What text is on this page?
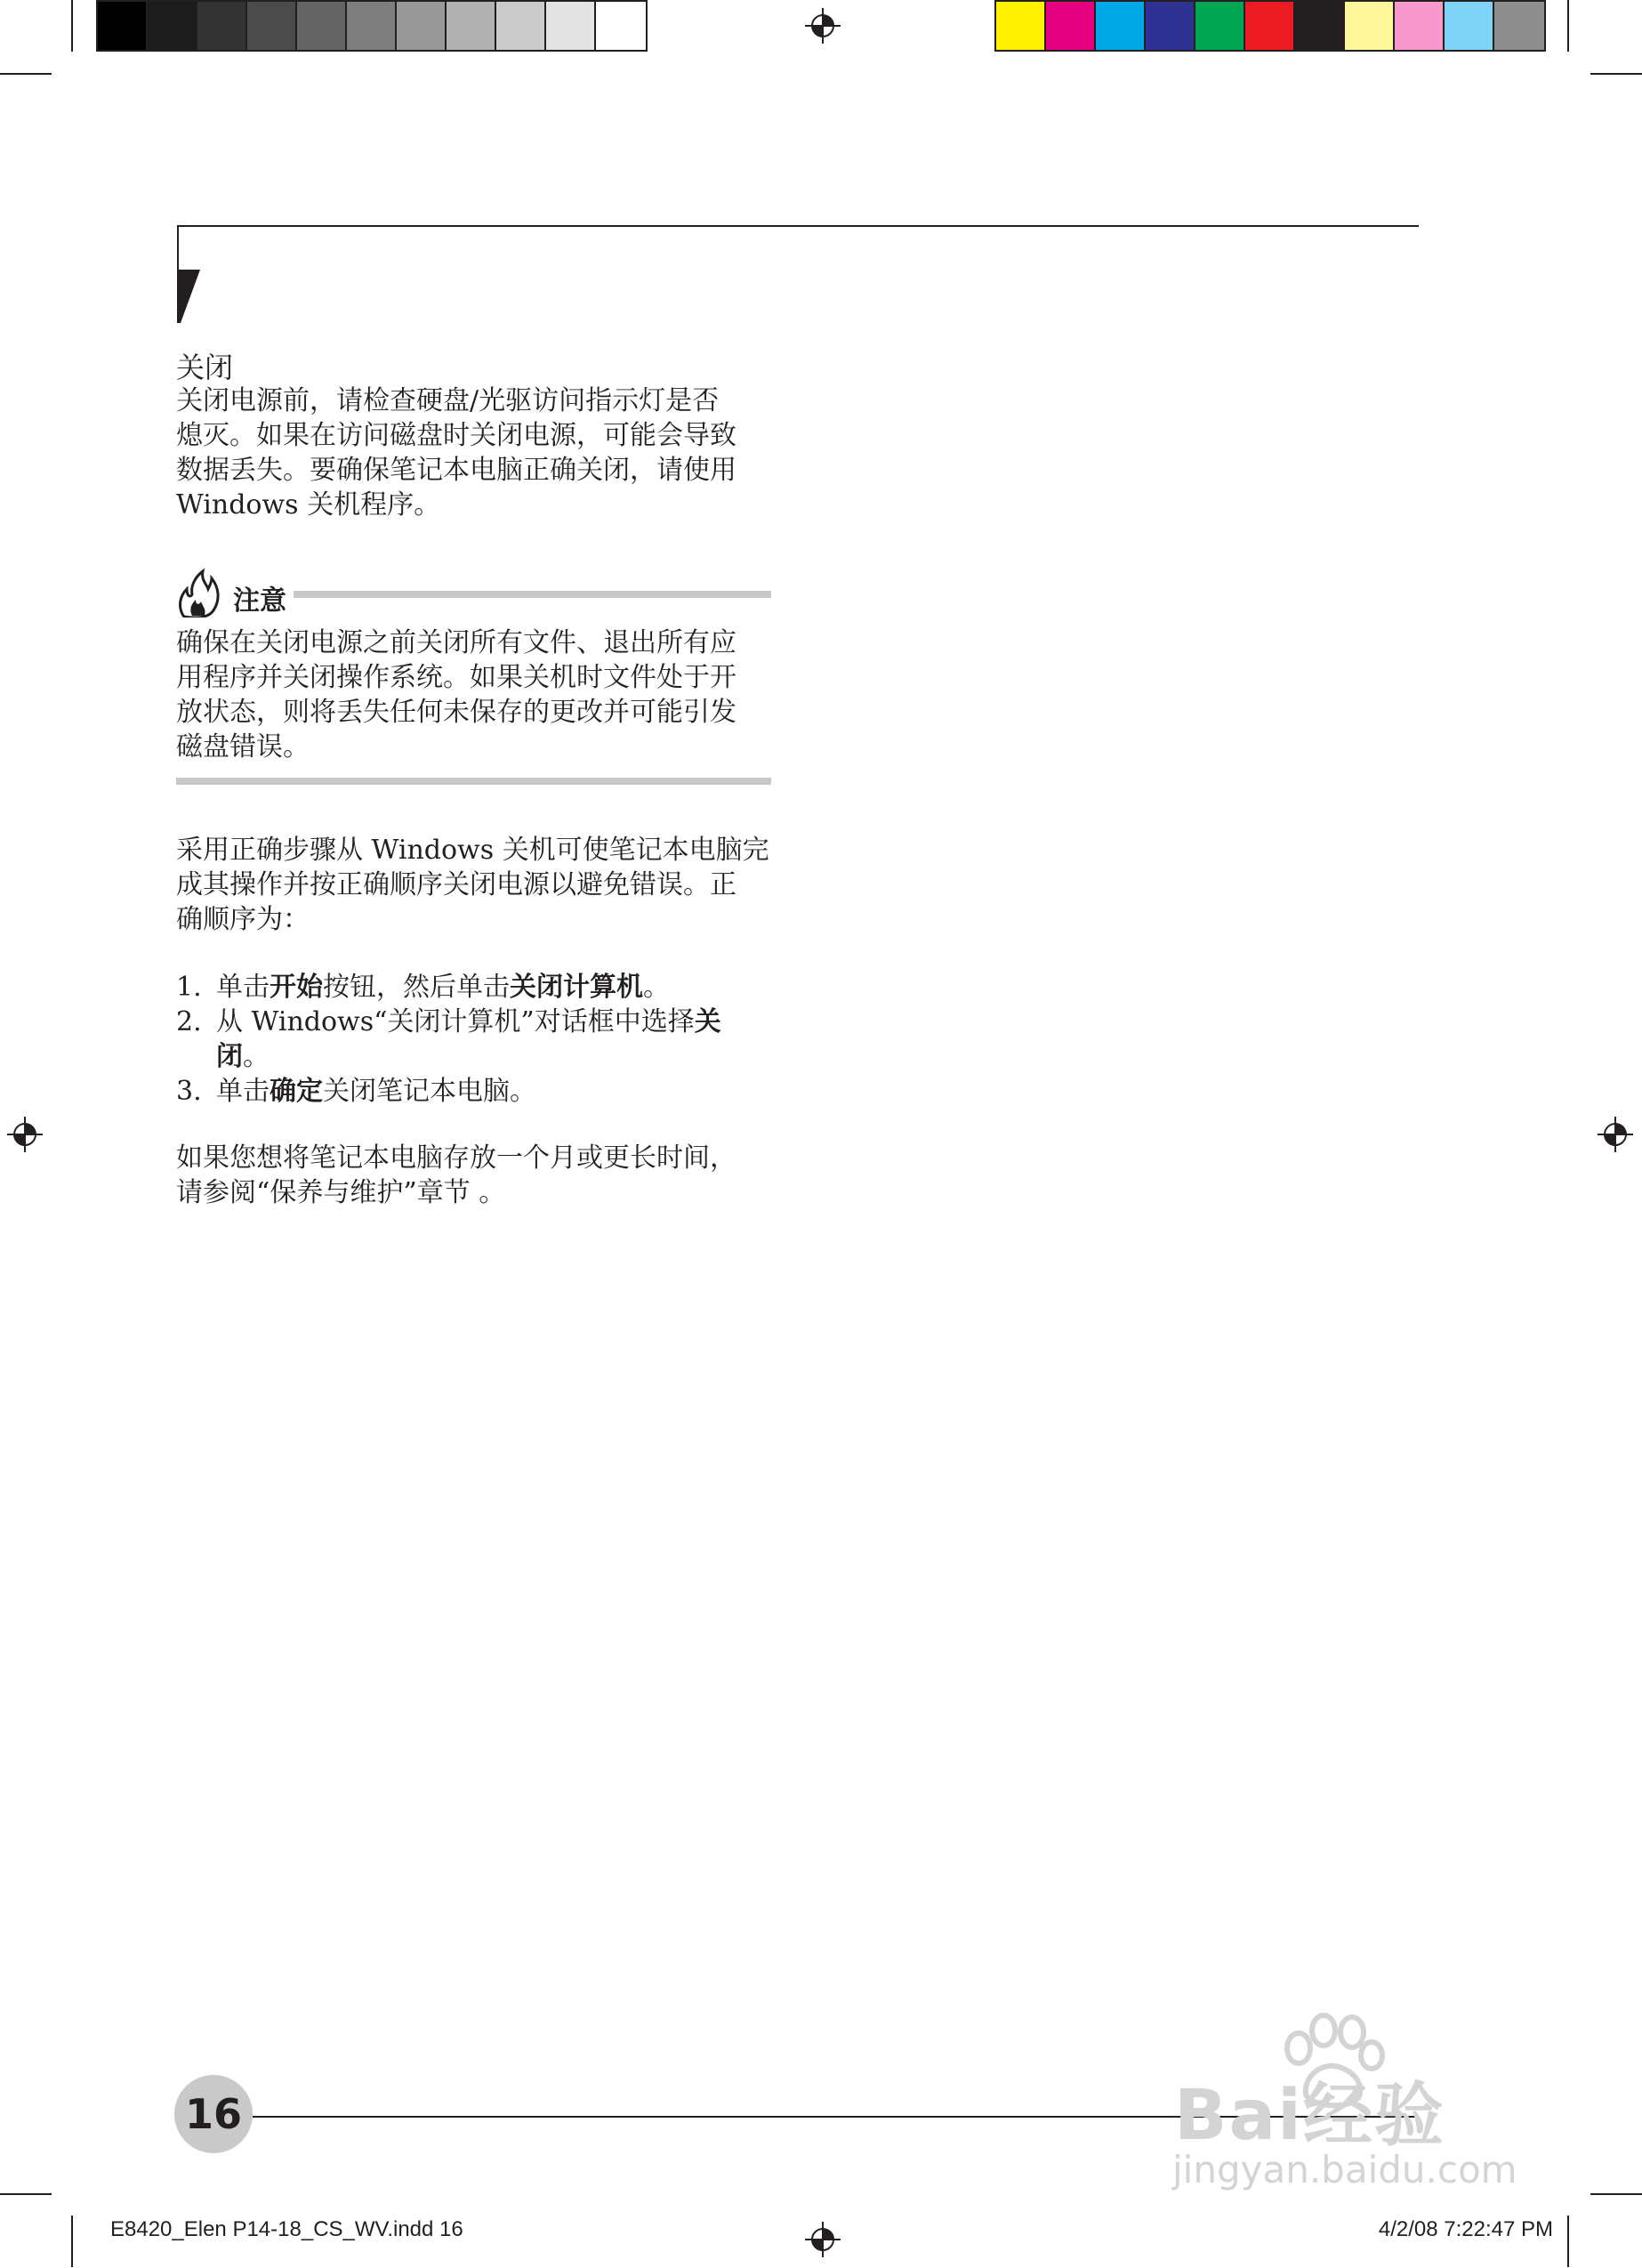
关闭
关闭电源前，请检查硬盘/光驱访问指示灯是否
熄灭。如果在访问磁盘时关闭电源，可能会导致
数据丢失。要确保笔记本电脑正确关闭，请使用
Windows 关机程序。
注意
确保在关闭电源之前关闭所有文件、退出所有应
用程序并关闭操作系统。如果关机时文件处于开
放状态，则将丢失任何未保存的更改并可能引发
磁盘错误。
采用正确步骤从 Windows 关机可使笔记本电脑完
成其操作并按正确顺序关闭电源以避免错误。正
确顺序为：
1. 单击开始按钮，然后单击关闭计算机。
2. 从 Windows“关闭计算机”对话框中选择关
闭。
3. 单击确定关闭笔记本电脑。
如果您想将笔记本电脑存放一个月或更长时间，
请参阅“保养与维护”章节 。
16	Bai经验
jingyan.baidu.com
E8420_Elen P14-18_CS_WV.indd 16	4/2/08 7:22:47 PM
